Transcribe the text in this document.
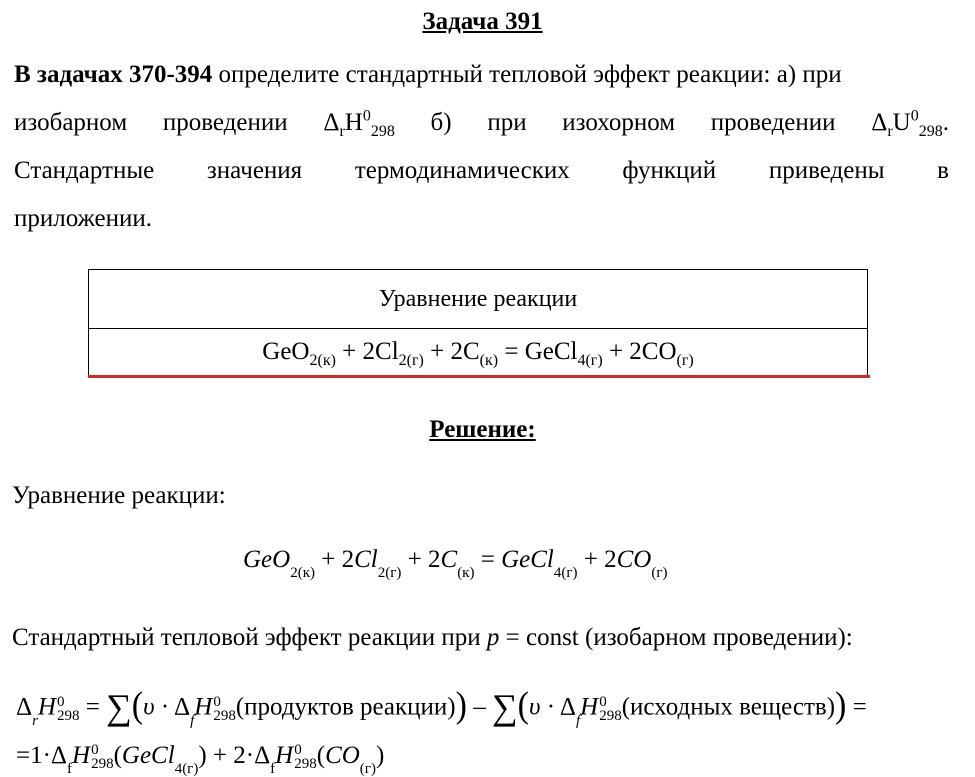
Задача 391
В задачах 370-394 определите стандартный тепловой эффект реакции: а) при
изобарном проведении $\Delta_rH^0_{298}$ б) при изохорном проведении $\Delta_rU^0_{298}$.
Стандартные значения термодинамических функций приведены в
приложении.
Уравнение реакции
$GeO_{2(к)} + 2Cl_{2(г)} + 2C_{(к)}$ = GeCl$_{4(г)}$ + $2CO_{(г)}$
Решение:
Уравнение реакции:
$GeO_{2(к)} + 2Cl_{2(г)} + 2C_{(к)}$ = GeCl$_{4(г)}$ + $2CO_{(г)}$
Стандартный тепловой эффект реакции при p = const (изобарном проведении):
$\Delta_rH$ 0
$298 = \sum(\upsilon \cdot \Delta_fH$ 0
298 (продуктов реакции)) – $\sum(\upsilon \cdot \Delta_fH$ 0
298 (исходных веществ)) =
$=1\cdot\Delta_fH$ 0
298 (GeCl$_{4(г)}$) + $2\cdot\Delta_fH$ 0
298 $(CO_{(г)})$
